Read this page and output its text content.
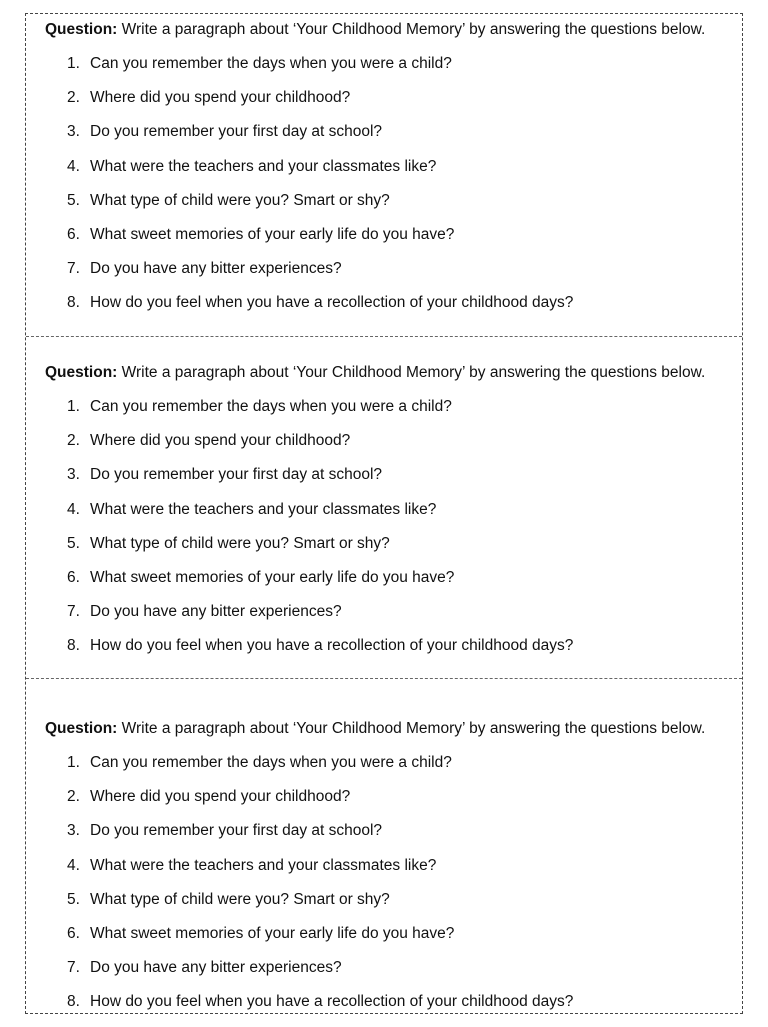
Question: Write a paragraph about ‘Your Childhood Memory’ by answering the questions below.
1. Can you remember the days when you were a child?
2. Where did you spend your childhood?
3. Do you remember your first day at school?
4. What were the teachers and your classmates like?
5. What type of child were you? Smart or shy?
6. What sweet memories of your early life do you have?
7. Do you have any bitter experiences?
8. How do you feel when you have a recollection of your childhood days?
Question: Write a paragraph about ‘Your Childhood Memory’ by answering the questions below.
1. Can you remember the days when you were a child?
2. Where did you spend your childhood?
3. Do you remember your first day at school?
4. What were the teachers and your classmates like?
5. What type of child were you? Smart or shy?
6. What sweet memories of your early life do you have?
7. Do you have any bitter experiences?
8. How do you feel when you have a recollection of your childhood days?
Question: Write a paragraph about ‘Your Childhood Memory’ by answering the questions below.
1. Can you remember the days when you were a child?
2. Where did you spend your childhood?
3. Do you remember your first day at school?
4. What were the teachers and your classmates like?
5. What type of child were you? Smart or shy?
6. What sweet memories of your early life do you have?
7. Do you have any bitter experiences?
8. How do you feel when you have a recollection of your childhood days?
